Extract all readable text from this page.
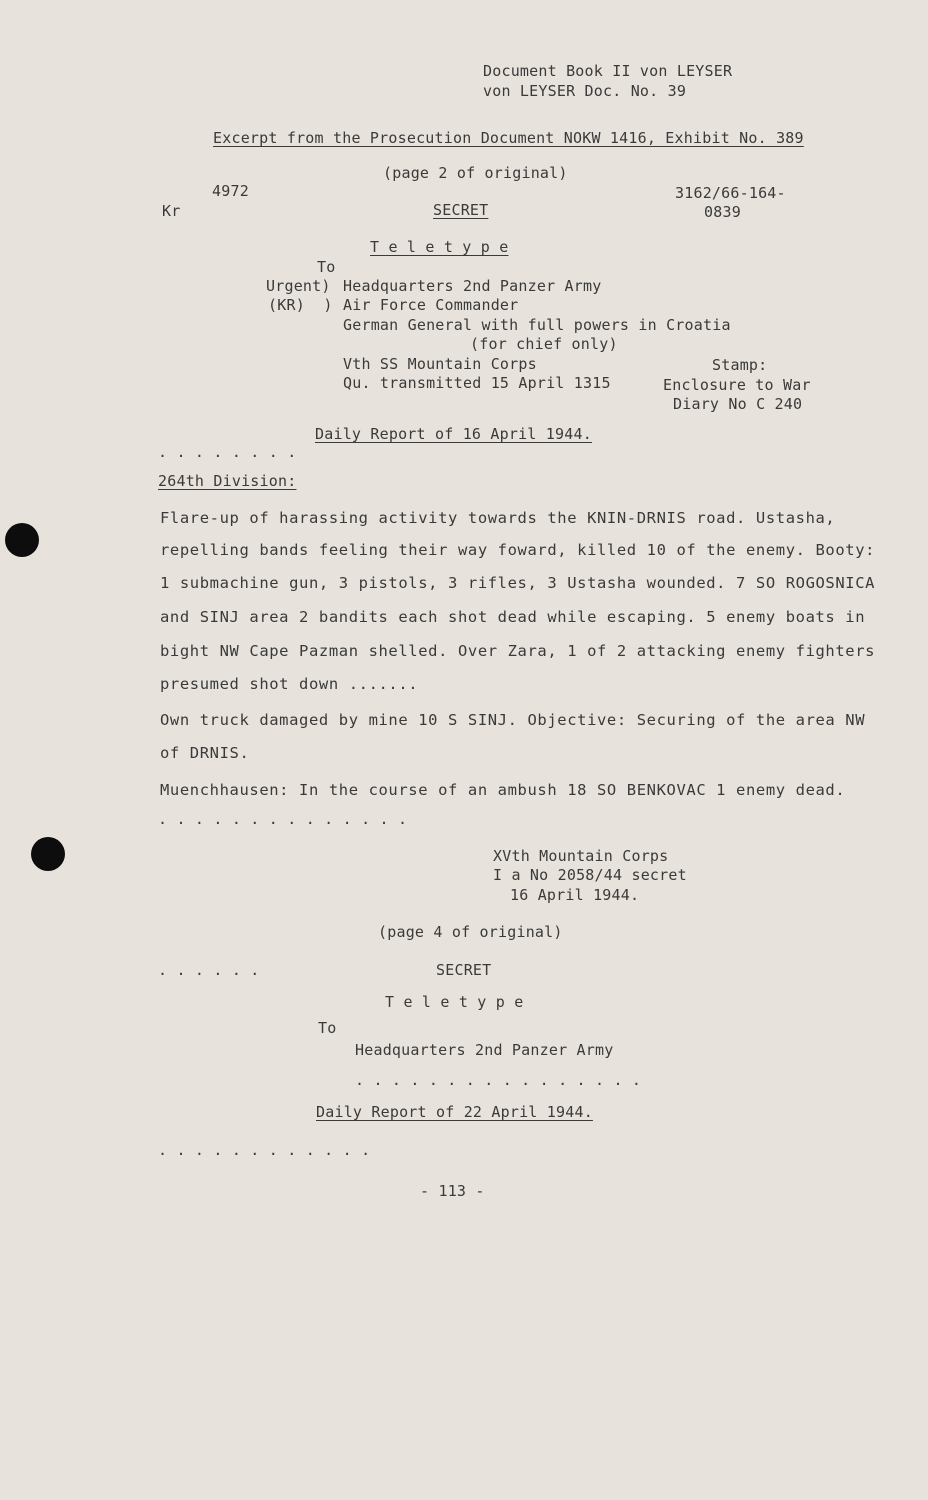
Document Book II von LEYSER
von LEYSER Doc. No. 39
Excerpt from the Prosecution Document NOKW 1416, Exhibit No. 389
(page 2 of original)
4972
Kr
3162/66-164-
0839
SECRET
T e l e t y p e
To
Urgent)
(KR)  )
Headquarters 2nd Panzer Army
Air Force Commander
German General with full powers in Croatia
(for chief only)
Vth SS Mountain Corps
Qu. transmitted 15 April 1315
Stamp:
Enclosure to War
Diary No C 240
Daily Report of 16 April 1944.
. . . . . . . .
264th Division:
Flare-up of harassing activity towards the KNIN-DRNIS road. Ustasha,
repelling bands feeling their way foward, killed 10 of the enemy. Booty:
1 submachine gun, 3 pistols, 3 rifles, 3 Ustasha wounded. 7 SO ROGOSNICA
and SINJ area 2 bandits each shot dead while escaping. 5 enemy boats in
bight NW Cape Pazman shelled. Over Zara, 1 of 2 attacking enemy fighters
presumed shot down .......
Own truck damaged by mine 10 S SINJ. Objective: Securing of the area NW
of DRNIS.
Muenchhausen: In the course of an ambush 18 SO BENKOVAC 1 enemy dead.
. . . . . . . . . . . . . .
XVth Mountain Corps
I a No 2058/44 secret
16 April 1944.
(page 4 of original)
. . . . . .	SECRET
T e l e t y p e
To
Headquarters 2nd Panzer Army
. . . . . . . . . . . . . . . .
Daily Report of 22 April 1944.
. . . . . . . . . . . .
- 113 -
